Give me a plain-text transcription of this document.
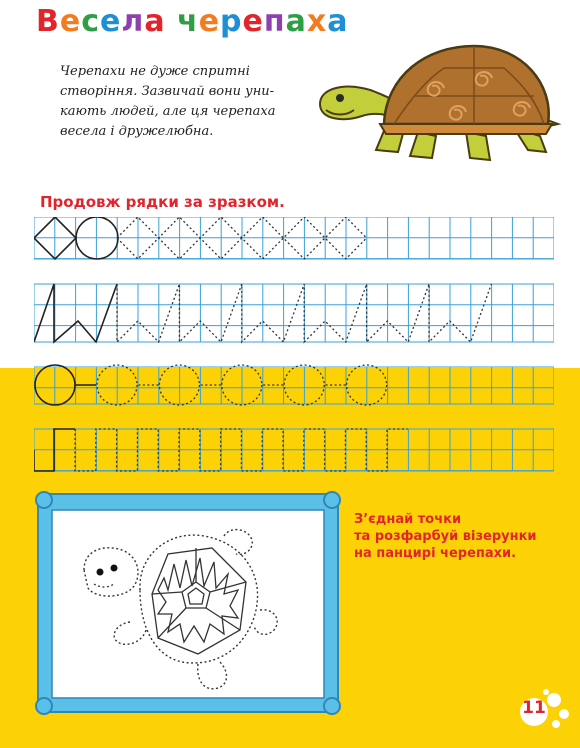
Весела черепаха
Черепахи не дуже спритні
створіння. Зазвичай вони уни-
кають людей, але ця черепаха
весела і дружелюбна.
Продовж рядки за зразком.
З’єднай точки
та розфарбуй візерунки
на панцирі черепахи.
11
